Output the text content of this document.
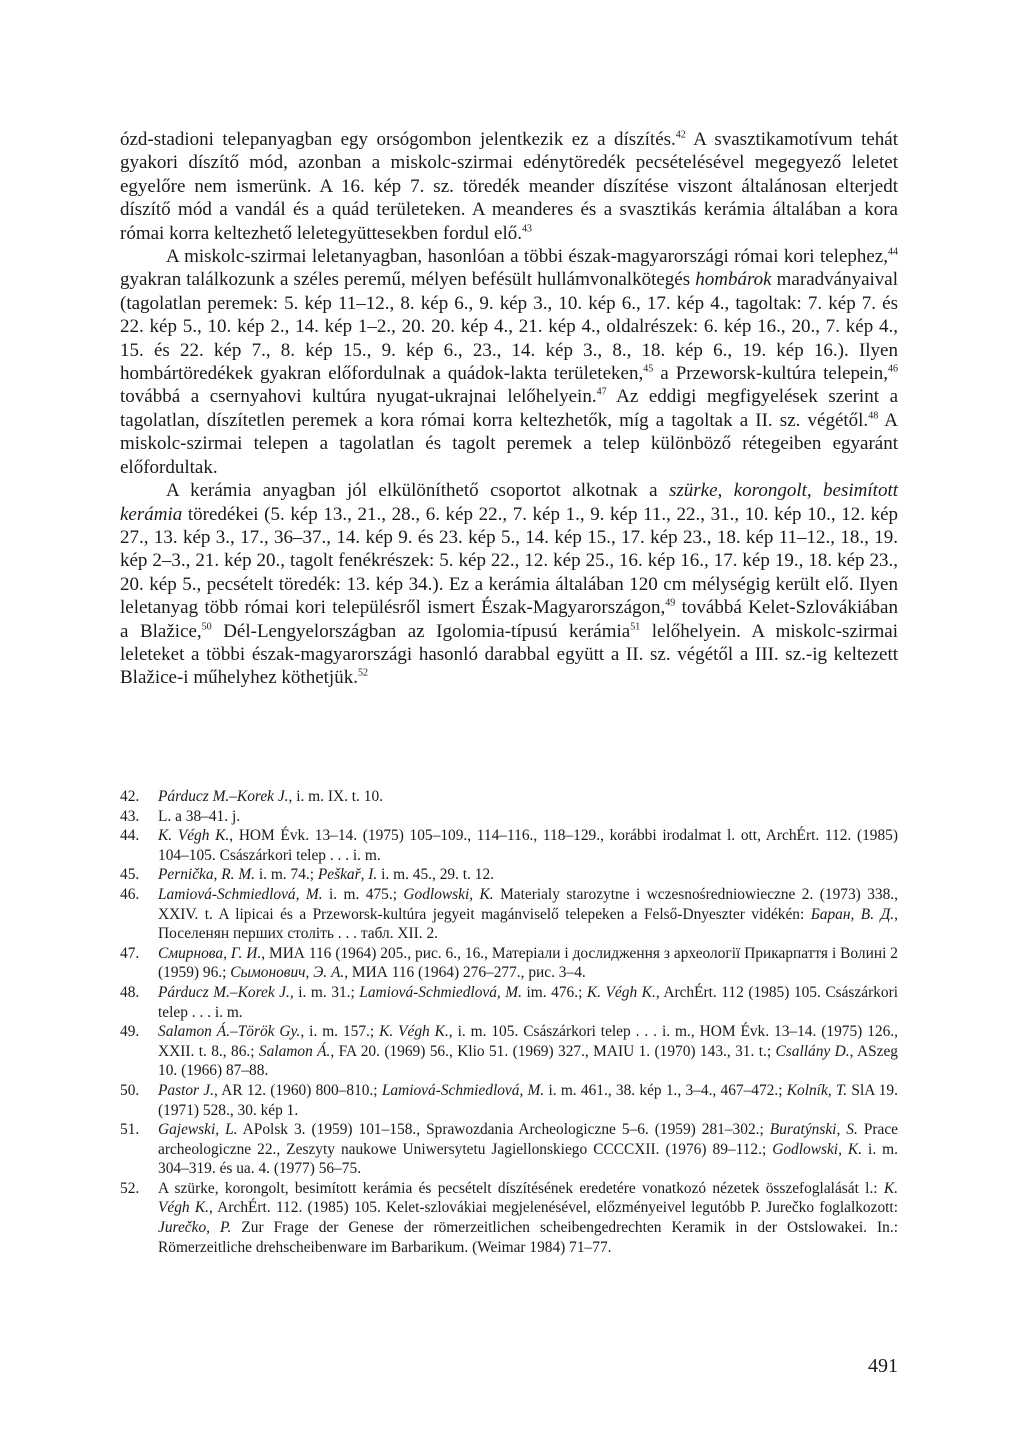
ózd-stadioni telepanyagban egy orsógombon jelentkezik ez a díszítés.$^{42}$ A svasztikamotívum tehát gyakori díszítő mód, azonban a miskolc-szirmai edénytöredék pecsételésével megegyező leletet egyelőre nem ismerünk. A 16. kép 7. sz. töredék meander díszítése viszont általánosan elterjedt díszítő mód a vandál és a quád területeken. A meanderes és a svasztikás kerámia általában a kora római korra keltezhető leletegyüttesekben fordul elő.$^{43}$

A miskolc-szirmai leletanyagban, hasonlóan a többi észak-magyarországi római kori telephez,$^{44}$ gyakran találkozunk a széles peremű, mélyen befésült hullámvonalkötegés hombárok maradványaival (tagolatlan peremek: 5. kép 11–12., 8. kép 6., 9. kép 3., 10. kép 6., 17. kép 4., tagoltak: 7. kép 7. és 22. kép 5., 10. kép 2., 14. kép 1–2., 20. 20. kép 4., 21. kép 4., oldalrészek: 6. kép 16., 20., 7. kép 4., 15. és 22. kép 7., 8. kép 15., 9. kép 6., 23., 14. kép 3., 8., 18. kép 6., 19. kép 16.). Ilyen hombártöredékek gyakran előfordulnak a quádok-lakta területeken,$^{45}$ a Przeworsk-kultúra telepein,$^{46}$ továbbá a csernyahovi kultúra nyugat-ukrajnai lelőhelyein.$^{47}$ Az eddigi megfigyelések szerint a tagolatlan, díszítetlen peremek a kora római korra keltezhetők, míg a tagoltak a II. sz. végétől.$^{48}$ A miskolc-szirmai telepen a tagolatlan és tagolt peremek a telep különböző rétegeiben egyaránt előfordultak.

A kerámia anyagban jól elkülöníthető csoportot alkotnak a szürke, korongolt, besimított kerámia töredékei (5. kép 13., 21., 28., 6. kép 22., 7. kép 1., 9. kép 11., 22., 31., 10. kép 10., 12. kép 27., 13. kép 3., 17., 36–37., 14. kép 9. és 23. kép 5., 14. kép 15., 17. kép 23., 18. kép 11–12., 18., 19. kép 2–3., 21. kép 20., tagolt fenékrészek: 5. kép 22., 12. kép 25., 16. kép 16., 17. kép 19., 18. kép 23., 20. kép 5., pecsételt töredék: 13. kép 34.). Ez a kerámia általában 120 cm mélységig került elő. Ilyen leletanyag több római kori településről ismert Észak-Magyarországon,$^{49}$ továbbá Kelet-Szlovákiában a Blažice,$^{50}$ Dél-Lengyelországban az Igolomia-típusú kerámia$^{51}$ lelőhelyein. A miskolc-szirmai leleteket a többi észak-magyarországi hasonló darabbal együtt a II. sz. végétől a III. sz.-ig keltezett Blažice-i műhelyhez köthetjük.$^{52}$

42.	Párducz M.–Korek J., i. m. IX. t. 10.
43.	L. a 38–41. j.
44.	K. Végh K., HOM Évk. 13–14. (1975) 105–109., 114–116., 118–129., korábbi irodalmat l. ott, ArchÉrt. 112. (1985) 104–105. Császárkori telep . . . i. m.
45.	Pernička, R. M. i. m. 74.; Peškař, I. i. m. 45., 29. t. 12.
46.	Lamiová-Schmiedlová, M. i. m. 475.; Godlowski, K. Materialy starozytne i wczesnośredniowieczne 2. (1973) 338., XXIV. t. A lipicai és a Przeworsk-kultúra jegyeit magánviselő telepeken a Felső-Dnyeszter vidékén: Баран, В. Д., Поселенян перших століть . . . табл. XII. 2.
47.	Смирнова, Г. И., МИА 116 (1964) 205., рис. 6., 16., Матеріали і дослидження з археології Прикарпаття і Волині 2 (1959) 96.; Сымонович, Э. А., МИА 116 (1964) 276–277., рис. 3–4.
48.	Párducz M.–Korek J., i. m. 31.; Lamiová-Schmiedlová, M. im. 476.; K. Végh K., ArchÉrt. 112 (1985) 105. Császárkori telep . . . i. m.
49.	Salamon Á.–Török Gy., i. m. 157.; K. Végh K., i. m. 105. Császárkori telep . . . i. m., HOM Évk. 13–14. (1975) 126., XXII. t. 8., 86.; Salamon Á., FA 20. (1969) 56., Klio 51. (1969) 327., MAIU 1. (1970) 143., 31. t.; Csallány D., ASzeg 10. (1966) 87–88.
50.	Pastor J., AR 12. (1960) 800–810.; Lamiová-Schmiedlová, M. i. m. 461., 38. kép 1., 3–4., 467–472.; Kolník, T. SlA 19. (1971) 528., 30. kép 1.
51.	Gajewski, L. APolsk 3. (1959) 101–158., Sprawozdania Archeologiczne 5–6. (1959) 281–302.; Buratýnski, S. Prace archeologiczne 22., Zeszyty naukowe Uniwersytetu Jagiellonskiego CCCCXII. (1976) 89–112.; Godlowski, K. i. m. 304–319. és ua. 4. (1977) 56–75.
52.	A szürke, korongolt, besimított kerámia és pecsételt díszítésének eredetére vonatkozó nézetek összefoglalását l.: K. Végh K., ArchÉrt. 112. (1985) 105. Kelet-szlovákiai megjelenésével, előzményeivel legutóbb P. Jurečko foglalkozott: Jurečko, P. Zur Frage der Genese der römerzeitlichen scheibengedrechten Keramik in der Ostslowakei. In.: Römerzeitliche drehscheibenware im Barbarikum. (Weimar 1984) 71–77.
491
